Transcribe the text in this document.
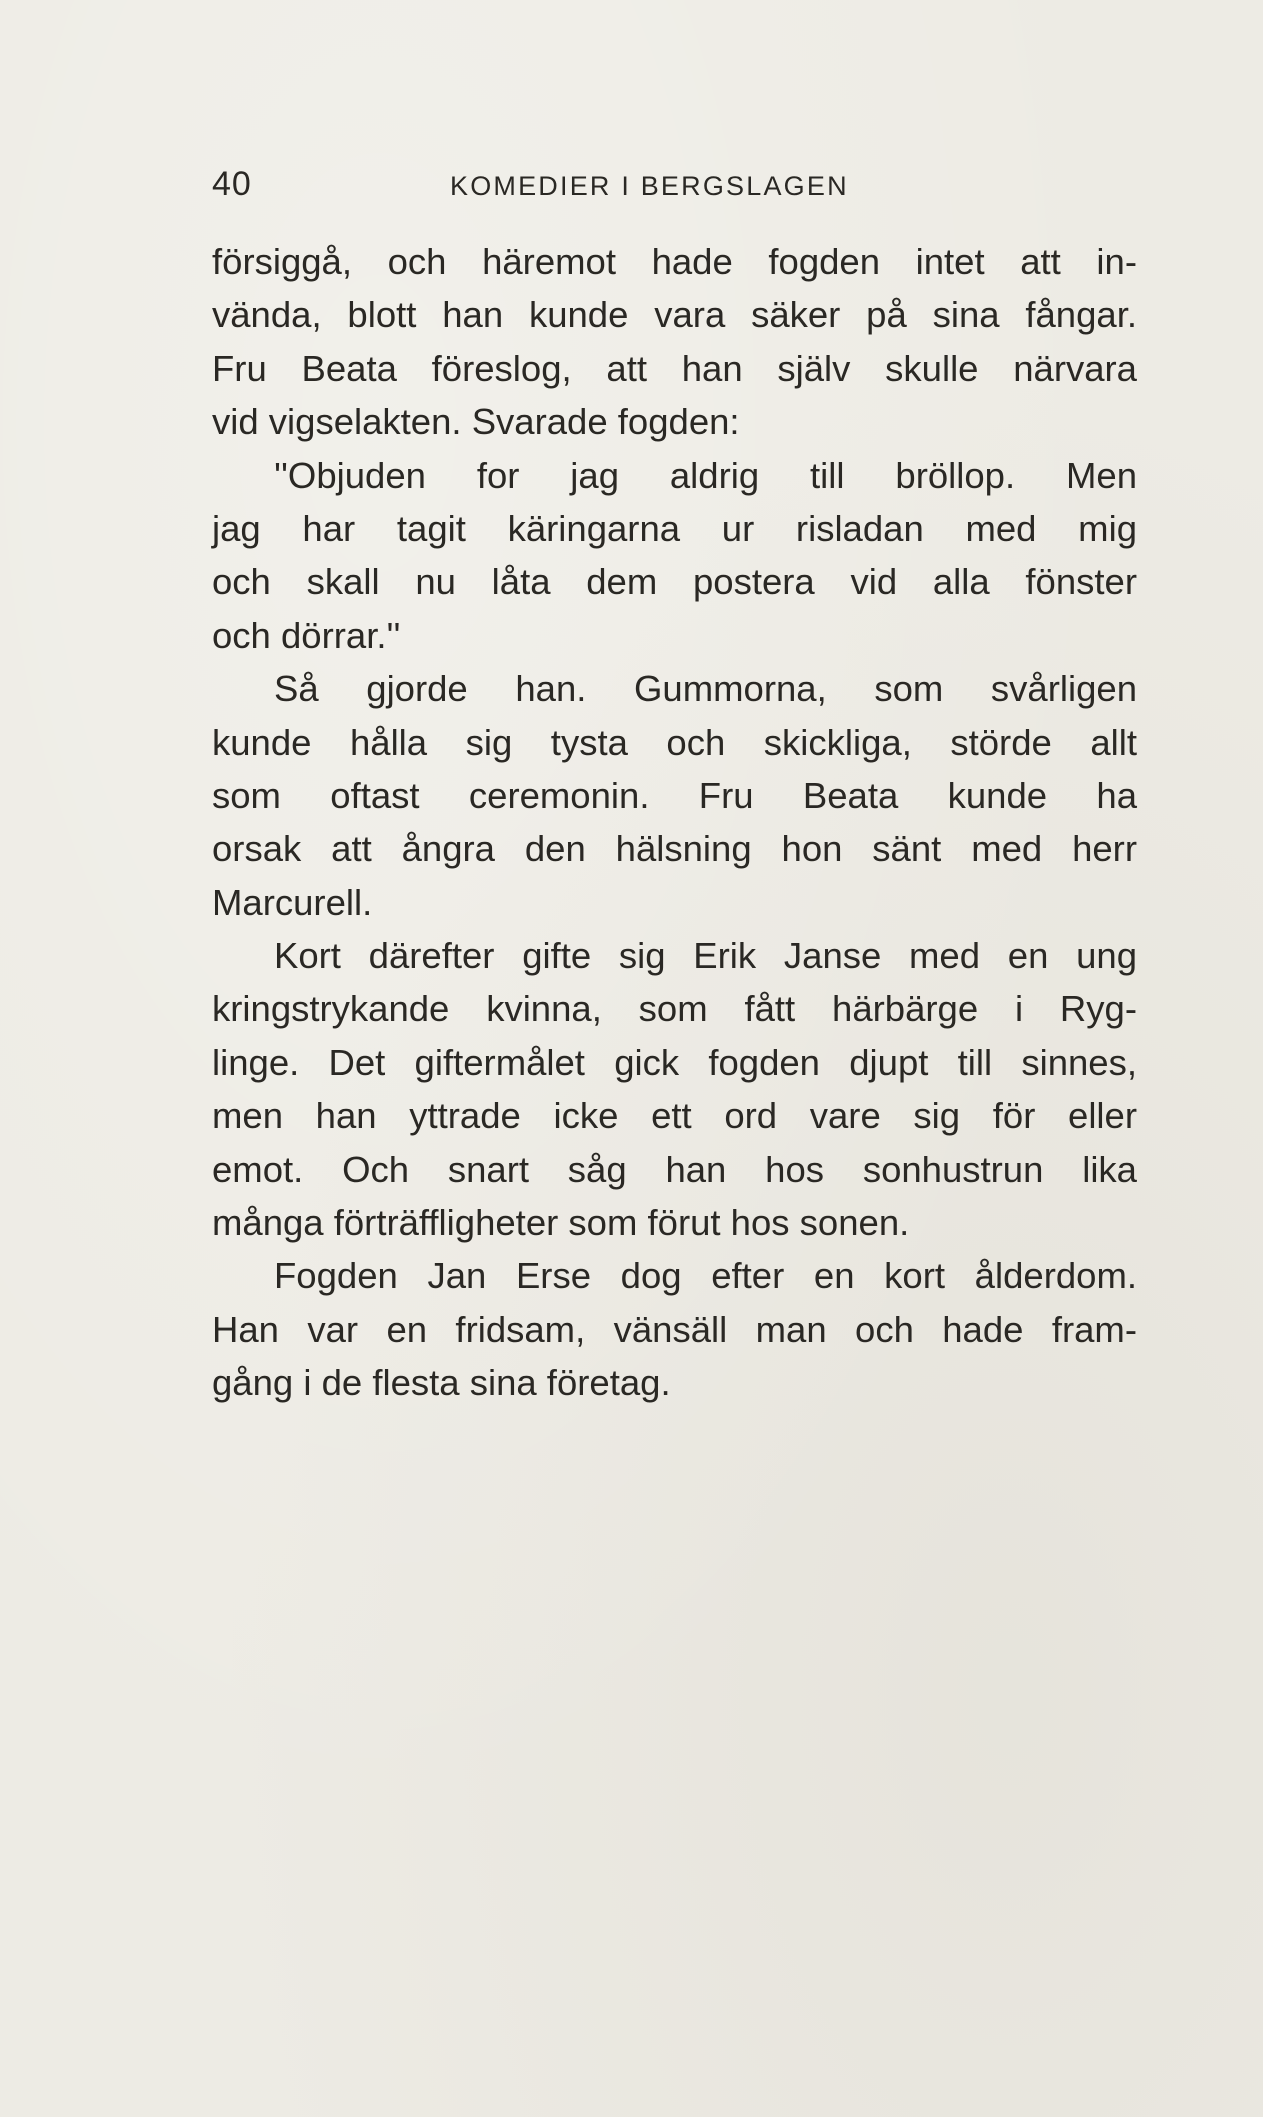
40	KOMEDIER I BERGSLAGEN
försiggå, och häremot hade fogden intet att in-
vända, blott han kunde vara säker på sina fångar.
Fru Beata föreslog, att han själv skulle närvara
vid vigselakten. Svarade fogden:
''Objuden for jag aldrig till bröllop. Men
jag har tagit käringarna ur risladan med mig
och skall nu låta dem postera vid alla fönster
och dörrar.''
Så gjorde han. Gummorna, som svårligen
kunde hålla sig tysta och skickliga, störde allt
som oftast ceremonin. Fru Beata kunde ha
orsak att ångra den hälsning hon sänt med herr
Marcurell.
Kort därefter gifte sig Erik Janse med en ung
kringstrykande kvinna, som fått härbärge i Ryg-
linge. Det giftermålet gick fogden djupt till sinnes,
men han yttrade icke ett ord vare sig för eller
emot. Och snart såg han hos sonhustrun lika
många förträffligheter som förut hos sonen.
Fogden Jan Erse dog efter en kort ålderdom.
Han var en fridsam, vänsäll man och hade fram-
gång i de flesta sina företag.
